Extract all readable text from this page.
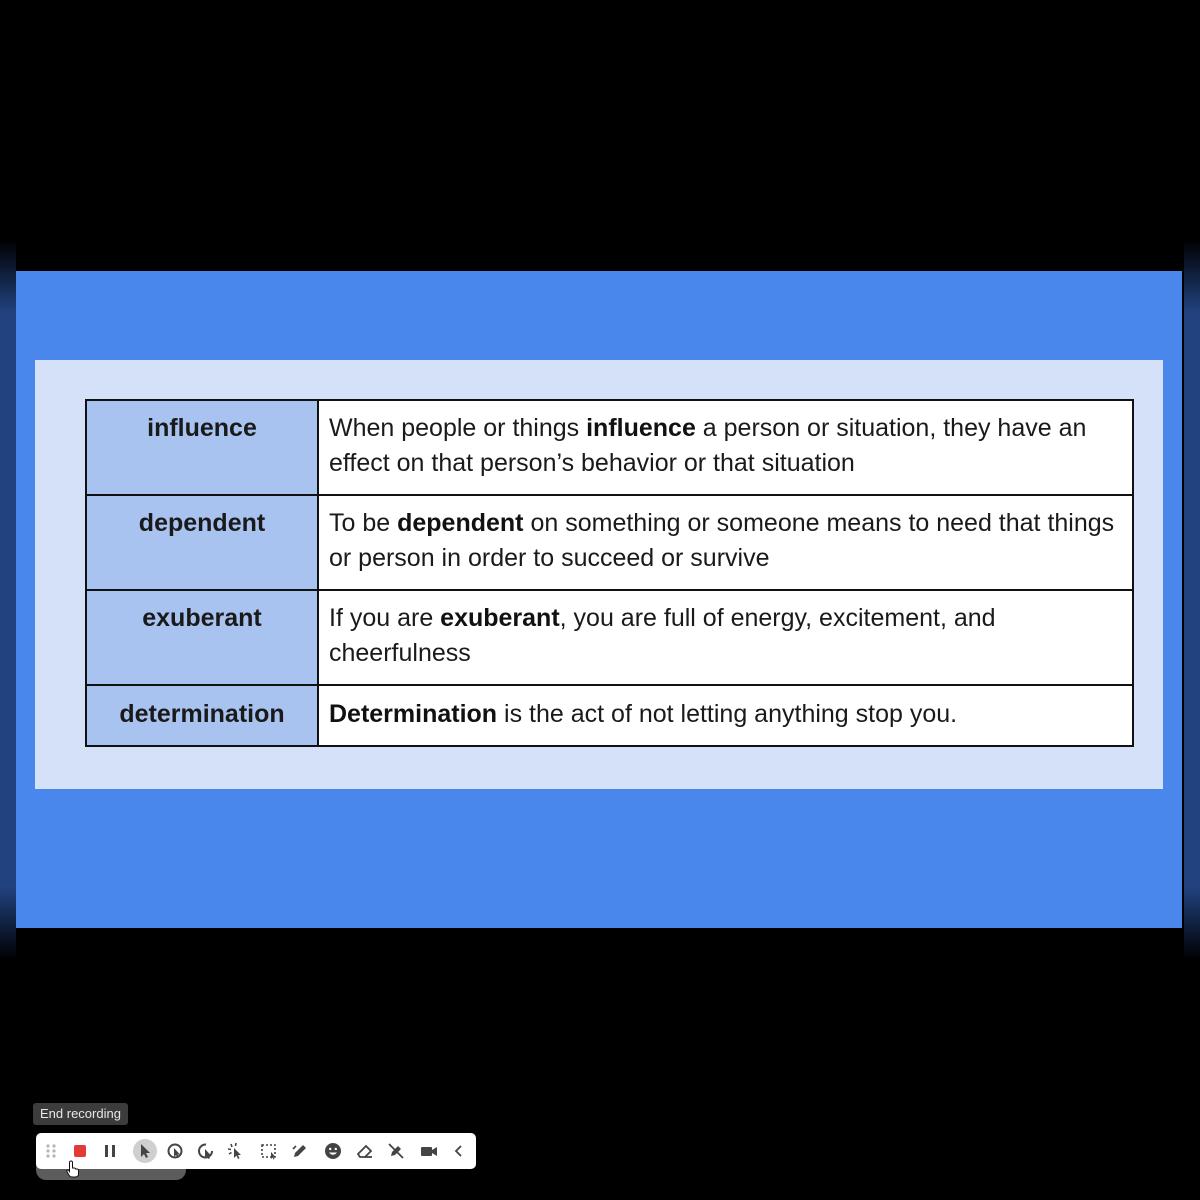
influence	When people or things influence a person or situation, they have an effect on that person’s behavior or that situation
dependent	To be dependent on something or someone means to need that things or person in order to succeed or survive
exuberant	If you are exuberant, you are full of energy, excitement, and cheerfulness
determination	Determination is the act of not letting anything stop you.
End recording
